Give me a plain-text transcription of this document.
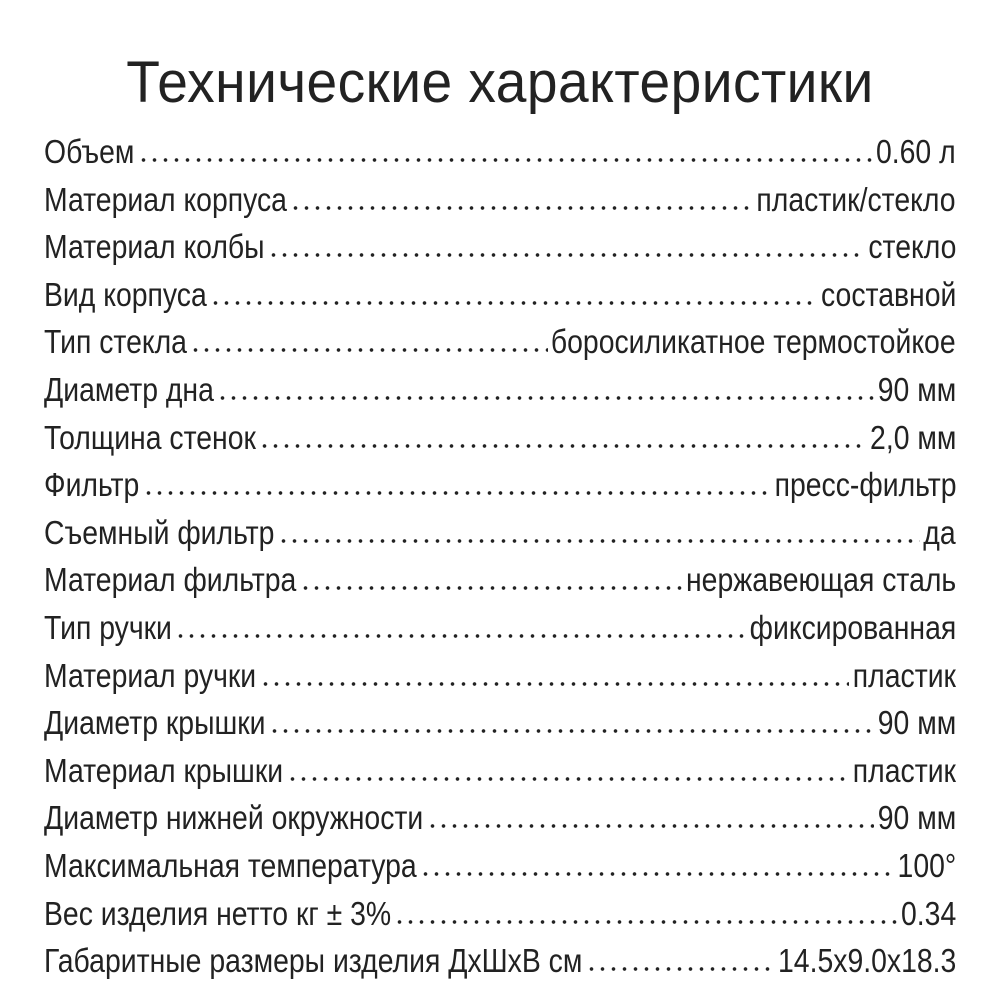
Технические характеристики
Объем	0.60 л
Материал корпуса	пластик/стекло
Материал колбы	стекло
Вид корпуса	составной
Тип стекла	боросиликатное термостойкое
Диаметр дна	90 мм
Толщина стенок	2,0 мм
Фильтр	пресс-фильтр
Съемный фильтр	да
Материал фильтра	нержавеющая сталь
Тип ручки	фиксированная
Материал ручки	пластик
Диаметр крышки	90 мм
Материал крышки	пластик
Диаметр нижней окружности	90 мм
Максимальная температура	100°
Вес изделия нетто кг ± 3%	0.34
Габаритные размеры изделия ДхШхВ см	14.5x9.0x18.3
